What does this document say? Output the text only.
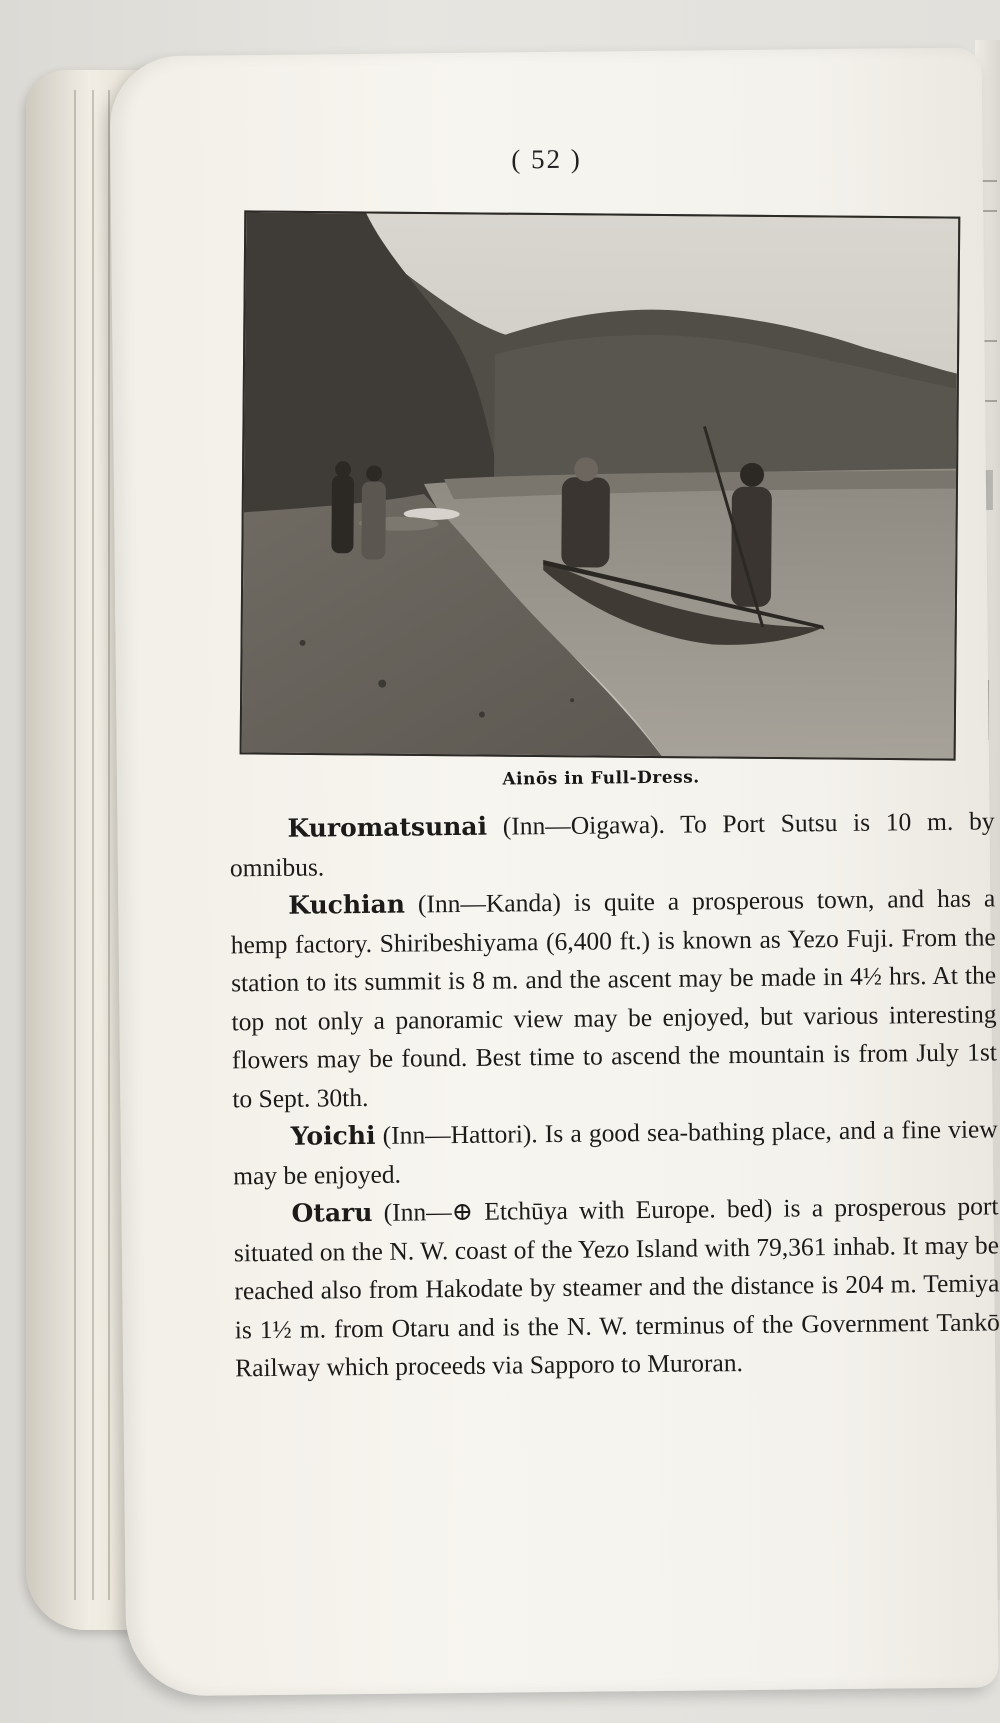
( 52 )
Ainōs in Full-Dress.

Kuromatsunai (Inn—Oigawa). To Port Sutsu is 10 m. by omnibus.

Kuchian (Inn—Kanda) is quite a prosperous town, and has a hemp factory. Shiribeshiyama (6,400 ft.) is known as Yezo Fuji. From the station to its summit is 8 m. and the ascent may be made in 4½ hrs. At the top not only a panoramic view may be enjoyed, but various interesting flowers may be found. Best time to ascend the mountain is from July 1st to Sept. 30th.

Yoichi (Inn—Hattori). Is a good sea-bathing place, and a fine view may be enjoyed.

Otaru (Inn—⊕ Etchūya with Europe. bed) is a prosperous port situated on the N. W. coast of the Yezo Island with 79,361 inhab. It may be reached also from Hakodate by steamer and the distance is 204 m. Temiya is 1½ m. from Otaru and is the N. W. terminus of the Government Tankō Railway which proceeds via Sapporo to Muroran.
